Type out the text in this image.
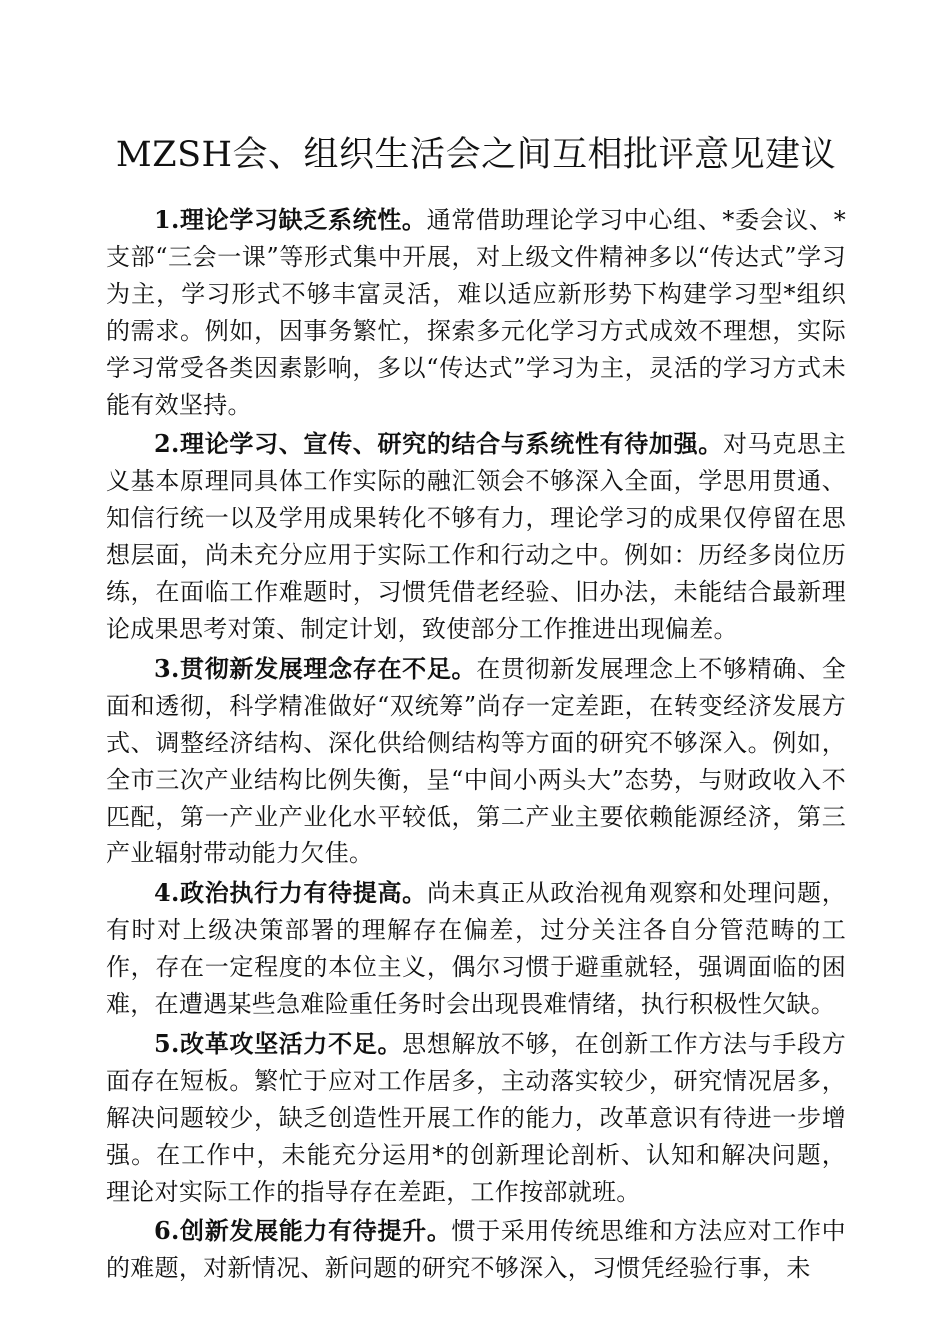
MZSH会、组织生活会之间互相批评意见建议

1.理论学习缺乏系统性。通常借助理论学习中心组、*委会议、*支部“三会一课”等形式集中开展，对上级文件精神多以“传达式”学习为主，学习形式不够丰富灵活，难以适应新形势下构建学习型*组织的需求。例如，因事务繁忙，探索多元化学习方式成效不理想，实际学习常受各类因素影响，多以“传达式”学习为主，灵活的学习方式未能有效坚持。

2.理论学习、宣传、研究的结合与系统性有待加强。对马克思主义基本原理同具体工作实际的融汇领会不够深入全面，学思用贯通、知信行统一以及学用成果转化不够有力，理论学习的成果仅停留在思想层面，尚未充分应用于实际工作和行动之中。例如：历经多岗位历练，在面临工作难题时，习惯凭借老经验、旧办法，未能结合最新理论成果思考对策、制定计划，致使部分工作推进出现偏差。

3.贯彻新发展理念存在不足。在贯彻新发展理念上不够精确、全面和透彻，科学精准做好“双统筹”尚存一定差距，在转变经济发展方式、调整经济结构、深化供给侧结构等方面的研究不够深入。例如，全市三次产业结构比例失衡，呈“中间小两头大”态势，与财政收入不匹配，第一产业产业化水平较低，第二产业主要依赖能源经济，第三产业辐射带动能力欠佳。

4.政治执行力有待提高。尚未真正从政治视角观察和处理问题，有时对上级决策部署的理解存在偏差，过分关注各自分管范畴的工作，存在一定程度的本位主义，偶尔习惯于避重就轻，强调面临的困难，在遭遇某些急难险重任务时会出现畏难情绪，执行积极性欠缺。

5.改革攻坚活力不足。思想解放不够，在创新工作方法与手段方面存在短板。繁忙于应对工作居多，主动落实较少，研究情况居多，解决问题较少，缺乏创造性开展工作的能力，改革意识有待进一步增强。在工作中，未能充分运用*的创新理论剖析、认知和解决问题，理论对实际工作的指导存在差距，工作按部就班。

6.创新发展能力有待提升。惯于采用传统思维和方法应对工作中的难题，对新情况、新问题的研究不够深入，习惯凭经验行事，未
